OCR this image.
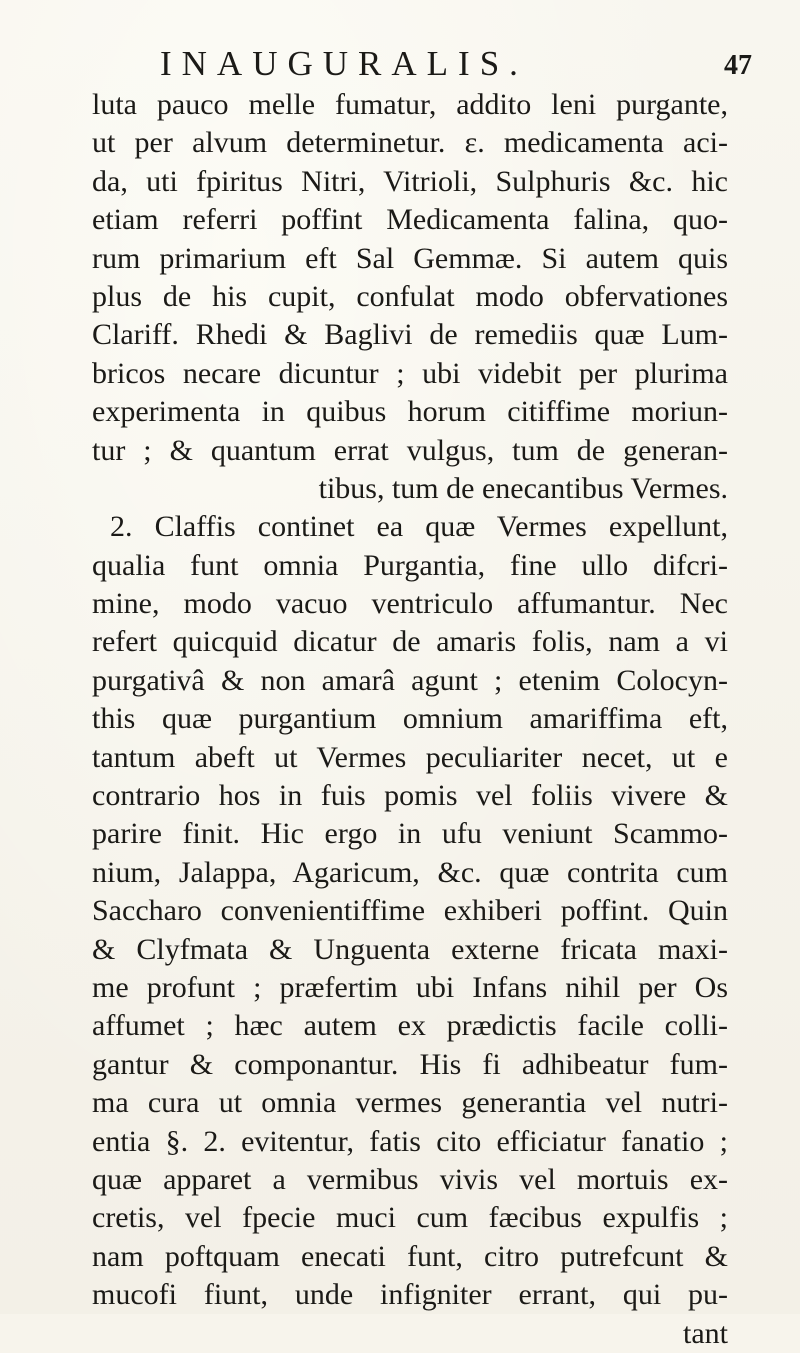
INAUGURALIS.	47
luta pauco melle fumatur, addito leni purgante,
ut per alvum determinetur. ε. medicamenta aci-
da, uti fpiritus Nitri, Vitrioli, Sulphuris &c. hic
etiam referri poffint Medicamenta falina, quo-
rum primarium eft Sal Gemmæ. Si autem quis
plus de his cupit, confulat modo obfervationes
Clariff. Rhedi & Baglivi de remediis quæ Lum-
bricos necare dicuntur ; ubi videbit per plurima
experimenta in quibus horum citiffime moriun-
tur ; & quantum errat vulgus, tum de generan-
tibus, tum de enecantibus Vermes.
2. Claffis continet ea quæ Vermes expellunt,
qualia funt omnia Purgantia, fine ullo difcri-
mine, modo vacuo ventriculo affumantur. Nec
refert quicquid dicatur de amaris folis, nam a vi
purgativâ & non amarâ agunt ; etenim Colocyn-
this quæ purgantium omnium amariffima eft,
tantum abeft ut Vermes peculiariter necet, ut e
contrario hos in fuis pomis vel foliis vivere &
parire finit. Hic ergo in ufu veniunt Scammo-
nium, Jalappa, Agaricum, &c. quæ contrita cum
Saccharo convenientiffime exhiberi poffint. Quin
& Clyfmata & Unguenta externe fricata maxi-
me profunt ; præfertim ubi Infans nihil per Os
affumet ; hæc autem ex prædictis facile colli-
gantur & componantur. His fi adhibeatur fum-
ma cura ut omnia vermes generantia vel nutri-
entia §. 2. evitentur, fatis cito efficiatur fanatio ;
quæ apparet a vermibus vivis vel mortuis ex-
cretis, vel fpecie muci cum fæcibus expulfis ;
nam poftquam enecati funt, citro putrefcunt &
mucofi fiunt, unde infigniter errant, qui pu-
tant
